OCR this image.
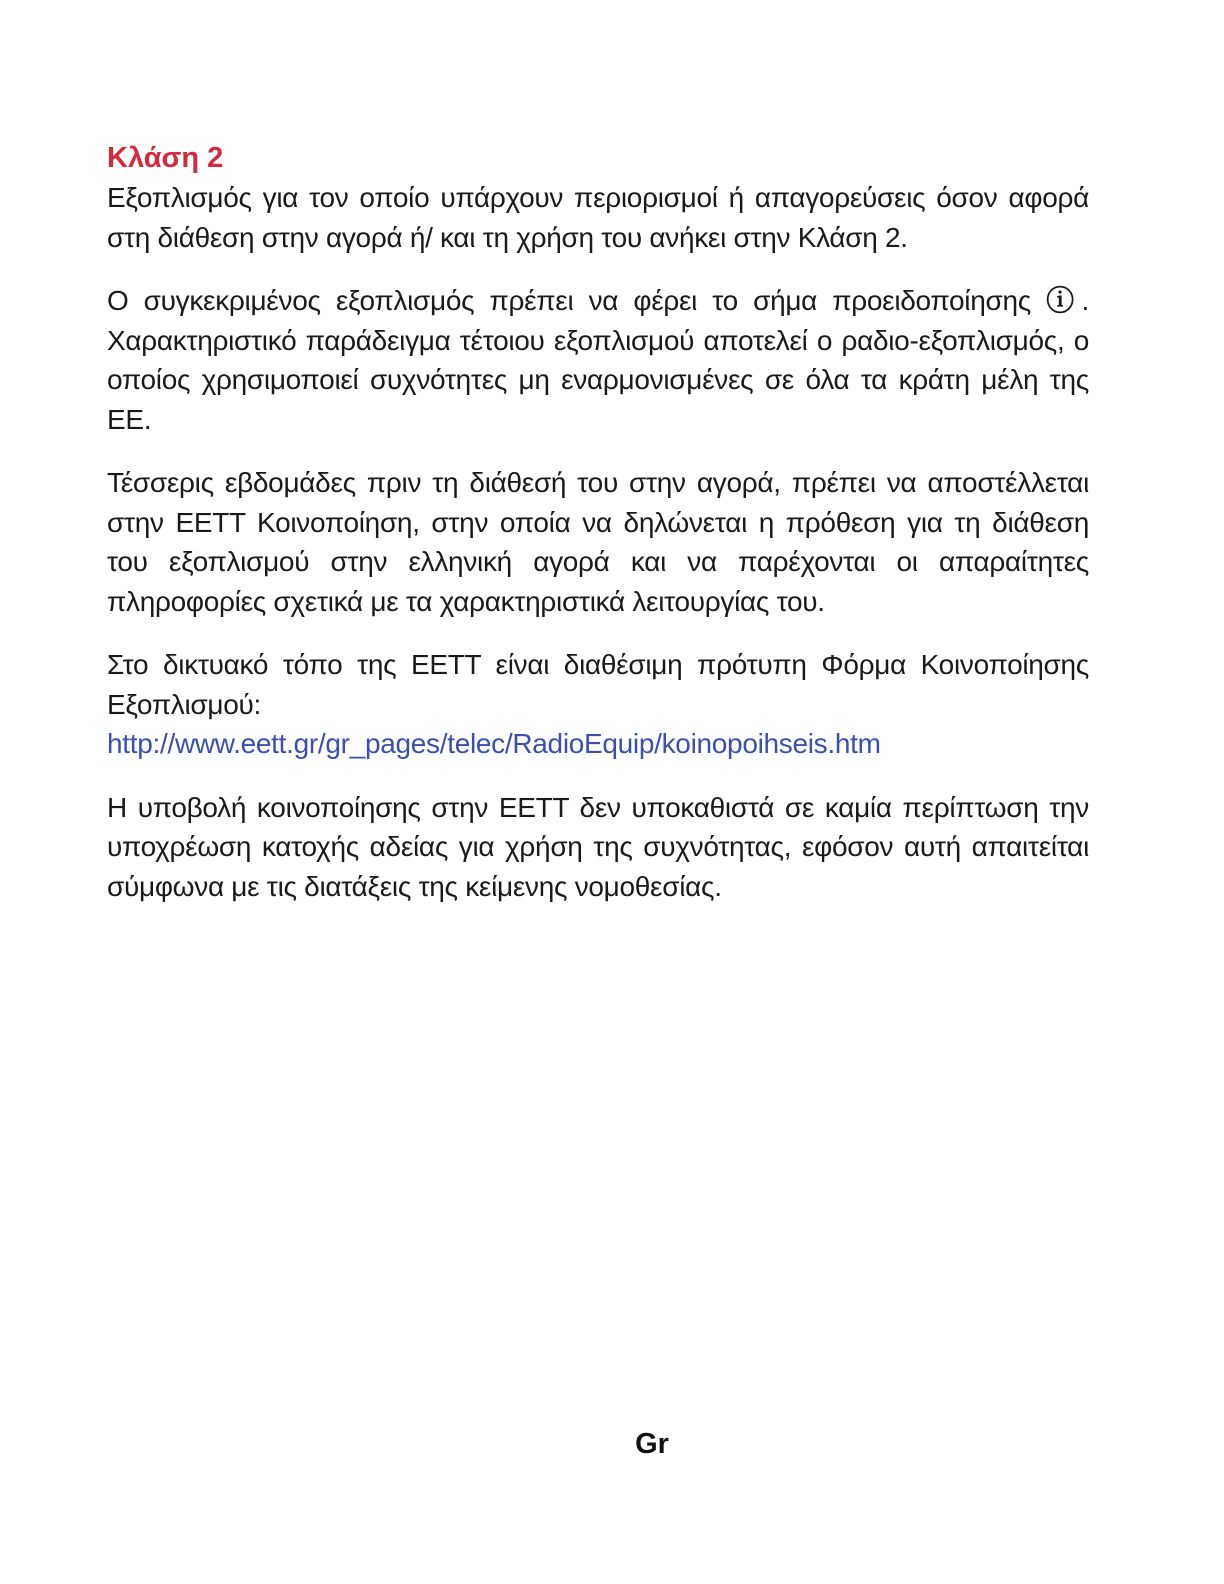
Κλάση 2

Εξοπλισμός για τον οποίο υπάρχουν περιορισμοί ή απαγορεύσεις όσον αφορά στη διάθεση στην αγορά ή/ και τη χρήση του ανήκει στην Κλάση 2.

Ο συγκεκριμένος εξοπλισμός πρέπει να φέρει το σήμα προειδοποίησης ⓘ. Χαρακτηριστικό παράδειγμα τέτοιου εξοπλισμού αποτελεί ο ραδιο-εξοπλισμός, ο οποίος χρησιμοποιεί συχνότητες μη εναρμονισμένες σε όλα τα κράτη μέλη της ΕΕ.

Τέσσερις εβδομάδες πριν τη διάθεσή του στην αγορά, πρέπει να αποστέλλεται στην ΕΕΤΤ Κοινοποίηση, στην οποία να δηλώνεται η πρόθεση για τη διάθεση του εξοπλισμού στην ελληνική αγορά και να παρέχονται οι απαραίτητες πληροφορίες σχετικά με τα χαρακτηριστικά λειτουργίας του.

Στο δικτυακό τόπο της ΕΕΤΤ είναι διαθέσιμη πρότυπη Φόρμα Κοινοποίησης Εξοπλισμού:
http://www.eett.gr/gr_pages/telec/RadioEquip/koinopoihseis.htm

Η υποβολή κοινοποίησης στην ΕΕΤΤ δεν υποκαθιστά σε καμία περίπτωση την υποχρέωση κατοχής αδείας για χρήση της συχνότητας, εφόσον αυτή απαιτείται σύμφωνα με τις διατάξεις της κείμενης νομοθεσίας.

Gr
